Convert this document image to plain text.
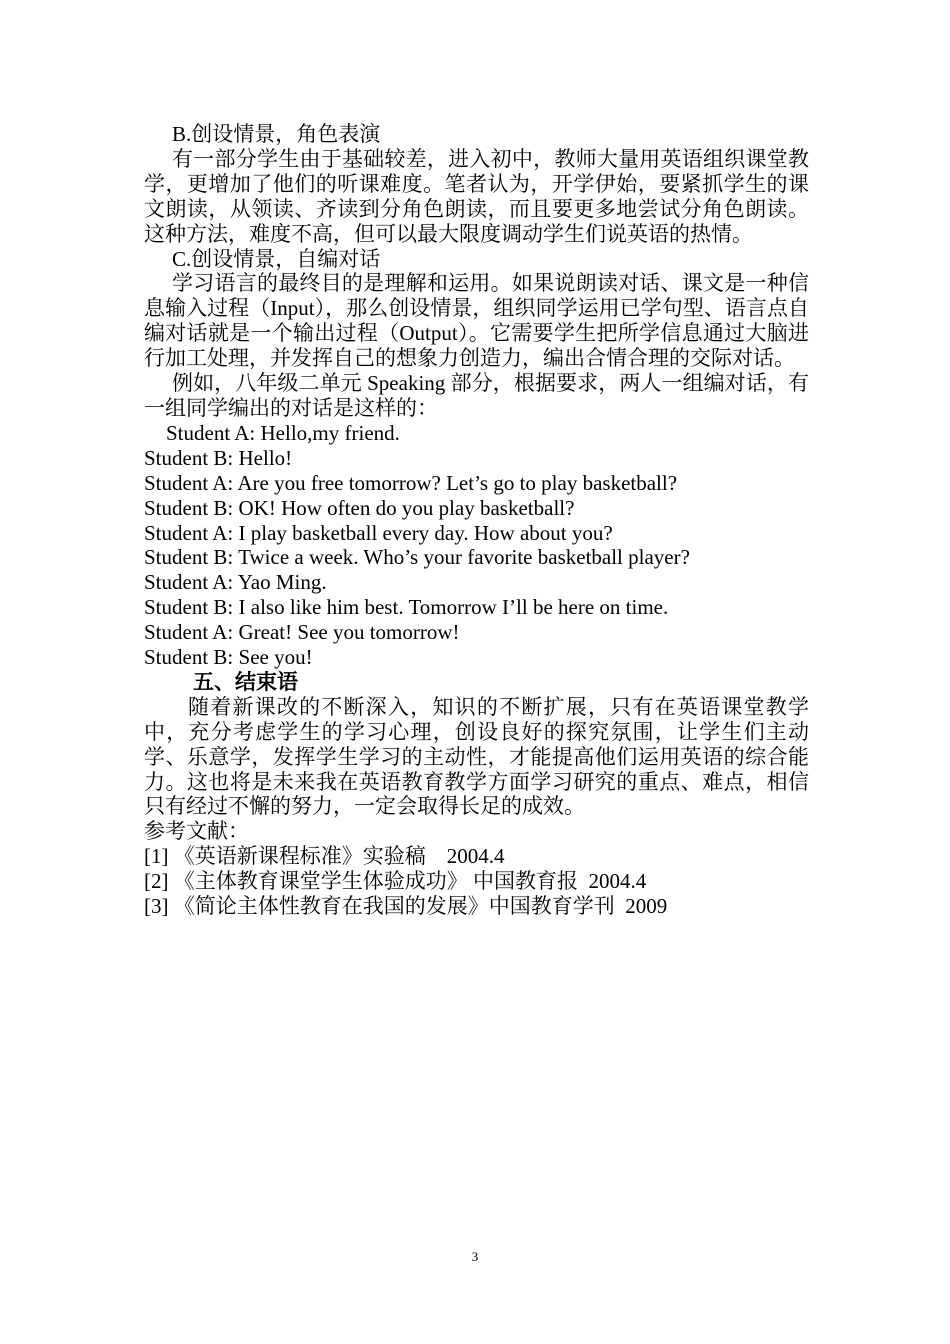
B.创设情景，角色表演

有一部分学生由于基础较差，进入初中，教师大量用英语组织课堂教学，更增加了他们的听课难度。笔者认为，开学伊始，要紧抓学生的课文朗读，从领读、齐读到分角色朗读，而且要更多地尝试分角色朗读。这种方法，难度不高，但可以最大限度调动学生们说英语的热情。

C.创设情景，自编对话

学习语言的最终目的是理解和运用。如果说朗读对话、课文是一种信息输入过程（Input），那么创设情景，组织同学运用已学句型、语言点自编对话就是一个输出过程（Output）。它需要学生把所学信息通过大脑进行加工处理，并发挥自己的想象力创造力，编出合情合理的交际对话。

例如，八年级二单元 Speaking 部分，根据要求，两人一组编对话，有一组同学编出的对话是这样的：

Student A: Hello,my friend.
Student B: Hello!
Student A: Are you free tomorrow? Let’s go to play basketball?
Student B: OK! How often do you play basketball?
Student A: I play basketball every day. How about you?
Student B: Twice a week. Who’s your favorite basketball player?
Student A: Yao Ming.
Student B: I also like him best. Tomorrow I’ll be here on time.
Student A: Great! See you tomorrow!
Student B: See you!
五、结束语

随着新课改的不断深入，知识的不断扩展，只有在英语课堂教学中，充分考虑学生的学习心理，创设良好的探究氛围，让学生们主动学、乐意学，发挥学生学习的主动性，才能提高他们运用英语的综合能力。这也将是未来我在英语教育教学方面学习研究的重点、难点，相信只有经过不懈的努力，一定会取得长足的成效。

参考文献：
[1] 《英语新课程标准》实验稿    2004.4
[2] 《主体教育课堂学生体验成功》 中国教育报  2004.4
[3] 《简论主体性教育在我国的发展》中国教育学刊  2009
3
